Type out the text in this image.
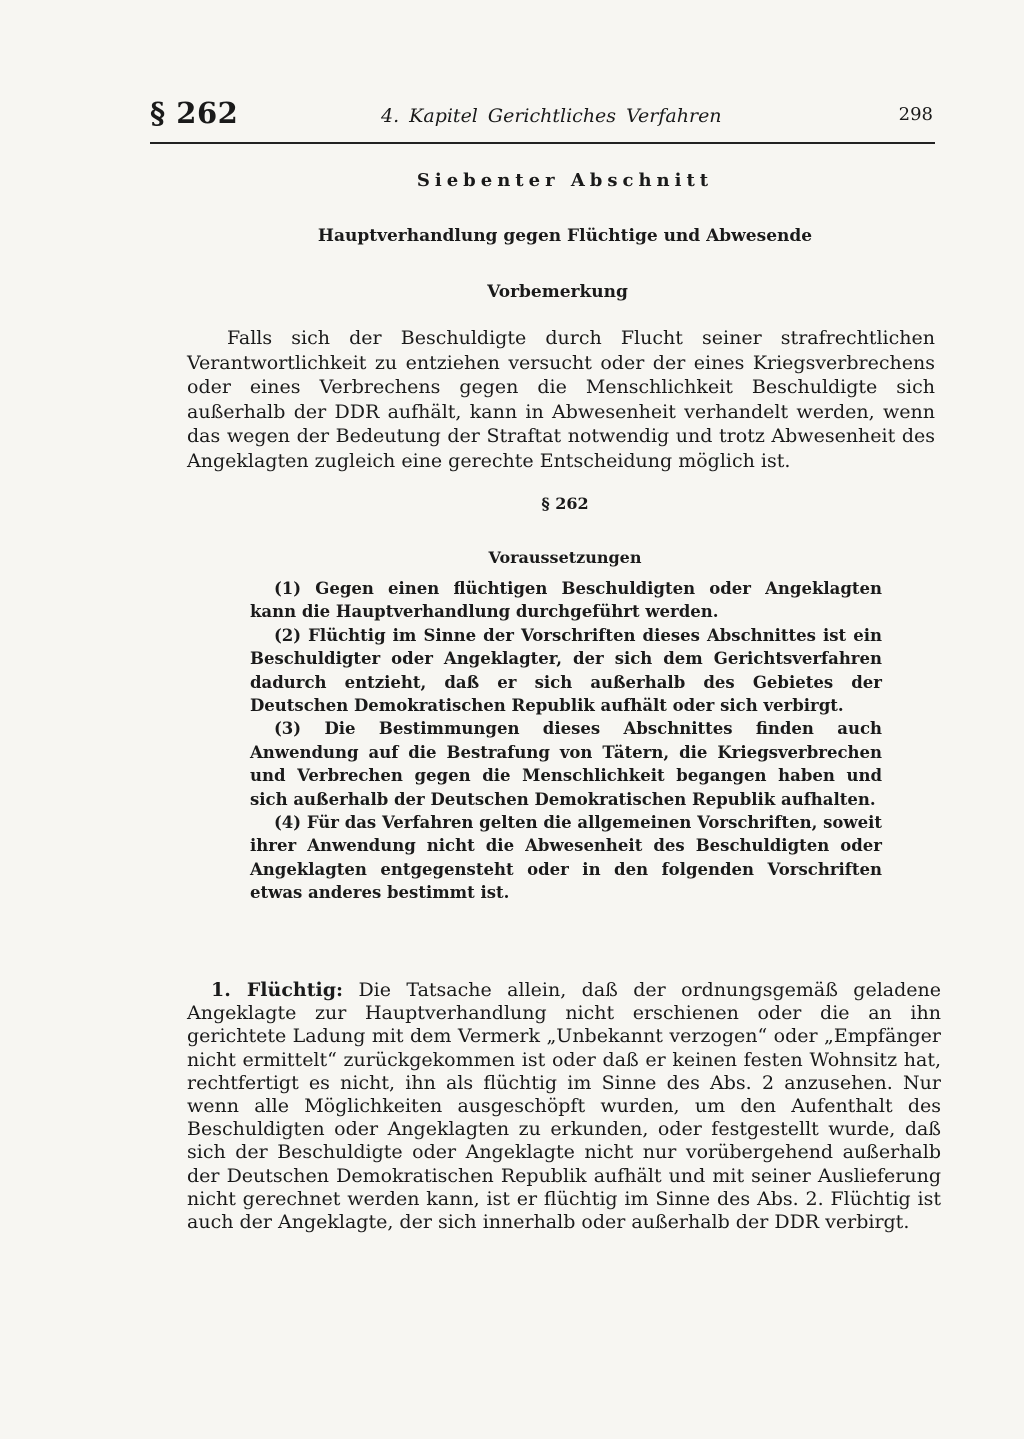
§ 262	4. Kapitel Gerichtliches Verfahren	298
Siebenter Abschnitt
Hauptverhandlung gegen Flüchtige und Abwesende
Vorbemerkung

Falls sich der Beschuldigte durch Flucht seiner strafrechtlichen Verantwortlichkeit zu entziehen versucht oder der eines Kriegsverbrechens oder eines Verbrechens gegen die Menschlichkeit Beschuldigte sich außerhalb der DDR aufhält, kann in Abwesenheit verhandelt werden, wenn das wegen der Bedeutung der Straftat notwendig und trotz Abwesenheit des Angeklagten zugleich eine gerechte Entscheidung möglich ist.

§ 262
Voraussetzungen

(1) Gegen einen flüchtigen Beschuldigten oder Angeklagten kann die Hauptverhandlung durchgeführt werden.

(2) Flüchtig im Sinne der Vorschriften dieses Abschnittes ist ein Beschuldigter oder Angeklagter, der sich dem Gerichtsverfahren dadurch entzieht, daß er sich außerhalb des Gebietes der Deutschen Demokratischen Republik aufhält oder sich verbirgt.

(3) Die Bestimmungen dieses Abschnittes finden auch Anwendung auf die Bestrafung von Tätern, die Kriegsverbrechen und Verbrechen gegen die Menschlichkeit begangen haben und sich außerhalb der Deutschen Demokratischen Republik aufhalten.

(4) Für das Verfahren gelten die allgemeinen Vorschriften, soweit ihrer Anwendung nicht die Abwesenheit des Beschuldigten oder Angeklagten entgegensteht oder in den folgenden Vorschriften etwas anderes bestimmt ist.

1. Flüchtig: Die Tatsache allein, daß der ordnungsgemäß geladene Angeklagte zur Hauptverhandlung nicht erschienen oder die an ihn gerichtete Ladung mit dem Vermerk „Unbekannt verzogen“ oder „Empfänger nicht ermittelt“ zurückgekommen ist oder daß er keinen festen Wohnsitz hat, rechtfertigt es nicht, ihn als flüchtig im Sinne des Abs. 2 anzusehen. Nur wenn alle Möglichkeiten ausgeschöpft wurden, um den Aufenthalt des Beschuldigten oder Angeklagten zu erkunden, oder festgestellt wurde, daß sich der Beschuldigte oder Angeklagte nicht nur vorübergehend außerhalb der Deutschen Demokratischen Republik aufhält und mit seiner Auslieferung nicht gerechnet werden kann, ist er flüchtig im Sinne des Abs. 2. Flüchtig ist auch der Angeklagte, der sich innerhalb oder außerhalb der DDR verbirgt.
